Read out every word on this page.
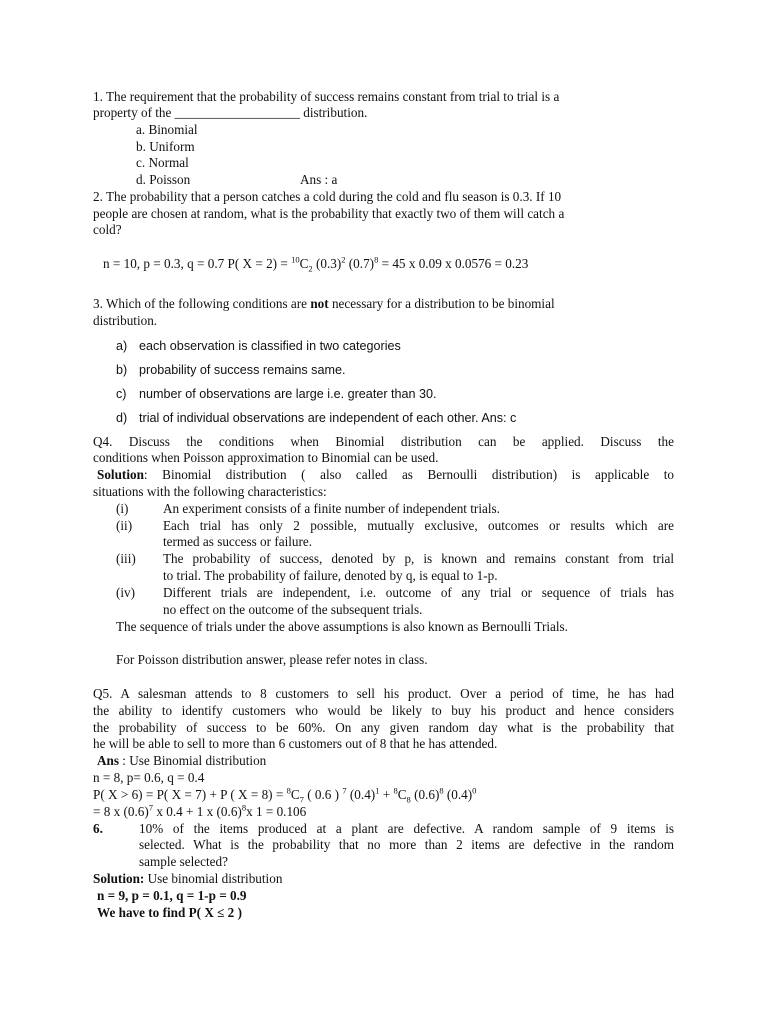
1. The requirement that the probability of success remains constant from trial to trial is a
property of the ___________________ distribution.
a. Binomial
b. Uniform
c. Normal
d. Poisson	Ans : a
2. The probability that a person catches a cold during the cold and flu season is 0.3. If 10
people are chosen at random, what is the probability that exactly two of them will catch a
cold?
n = 10, p = 0.3, q = 0.7 P( $X = 2) = ^{10}C_2$ $(0.3)^2$ $(0.7)^8 = 45$ x 0.09 x 0.0576 = 0.23
3. Which of the following conditions are not necessary for a distribution to be binomial
distribution.
a) each observation is classified in two categories
b) probability of success remains same.
c) number of observations are large i.e. greater than 30.
d) trial of individual observations are independent of each other. Ans: c
Q4. Discuss the conditions when Binomial distribution can be applied. Discuss the
conditions when Poisson approximation to Binomial can be used.
Solution: Binomial distribution ( also called as Bernoulli distribution) is applicable to
situations with the following characteristics:
(i)	An experiment consists of a finite number of independent trials.
(ii) Each trial has only 2 possible, mutually exclusive, outcomes or results which are
termed as success or failure.
(iii) The probability of success, denoted by p, is known and remains constant from trial
to trial. The probability of failure, denoted by q, is equal to 1-p.
(iv) Different trials are independent, i.e. outcome of any trial or sequence of trials has
no effect on the outcome of the subsequent trials.
The sequence of trials under the above assumptions is also known as Bernoulli Trials.
For Poisson distribution answer, please refer notes in class.
Q5. A salesman attends to 8 customers to sell his product. Over a period of time, he has had
the ability to identify customers who would be likely to buy his product and hence considers
the probability of success to be 60%. On any given random day what is the probability that
he will be able to sell to more than 6 customers out of 8 that he has attended.
Ans : Use Binomial distribution
n = 8, p= 0.6, q = 0.4
P( X > 6) = P( X = 7) + P ( $X = 8) = ^8C_7$ ( 0.6 ) $^7$ $(0.4)^1 + ^8C_8$ $(0.6)^8$ $(0.4)^0$
= 8 x $(0.6)^7$ x 0.4 + 1 x $(0.6)^8x$ 1 = 0.106
6.	10% of the items produced at a plant are defective. A random sample of 9 items is
selected. What is the probability that no more than 2 items are defective in the random
sample selected?
Solution: Use binomial distribution
n = 9, p = 0.1, q = 1-p = 0.9
We have to find P( X ≤ 2 )
